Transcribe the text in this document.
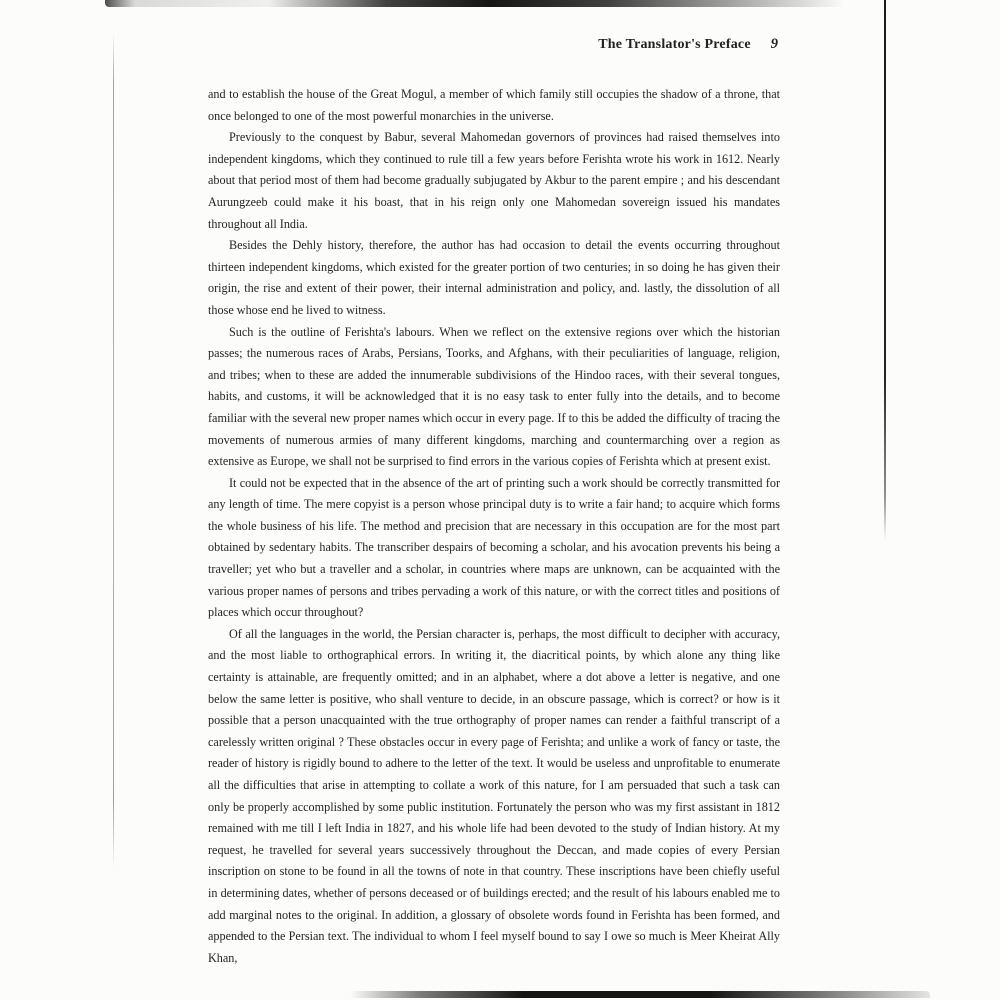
The Translator's Preface 9

and to establish the house of the Great Mogul, a member of which family still occupies the shadow of a throne, that once belonged to one of the most powerful monarchies in the universe.

Previously to the conquest by Babur, several Mahomedan governors of provinces had raised themselves into independent kingdoms, which they continued to rule till a few years before Ferishta wrote his work in 1612. Nearly about that period most of them had become gradually subjugated by Akbur to the parent empire ; and his descendant Aurungzeeb could make it his boast, that in his reign only one Mahomedan sovereign issued his mandates throughout all India.

Besides the Dehly history, therefore, the author has had occasion to detail the events occurring throughout thirteen independent kingdoms, which existed for the greater portion of two centuries; in so doing he has given their origin, the rise and extent of their power, their internal administration and policy, and. lastly, the dissolution of all those whose end he lived to witness.

Such is the outline of Ferishta's labours. When we reflect on the extensive regions over which the historian passes; the numerous races of Arabs, Persians, Toorks, and Afghans, with their peculiarities of language, religion, and tribes; when to these are added the innumerable subdivisions of the Hindoo races, with their several tongues, habits, and customs, it will be acknowledged that it is no easy task to enter fully into the details, and to become familiar with the several new proper names which occur in every page. If to this be added the difficulty of tracing the movements of numerous armies of many different kingdoms, marching and countermarching over a region as extensive as Europe, we shall not be surprised to find errors in the various copies of Ferishta which at present exist.

It could not be expected that in the absence of the art of printing such a work should be correctly transmitted for any length of time. The mere copyist is a person whose principal duty is to write a fair hand; to acquire which forms the whole business of his life. The method and precision that are necessary in this occupation are for the most part obtained by sedentary habits. The transcriber despairs of becoming a scholar, and his avocation prevents his being a traveller; yet who but a traveller and a scholar, in countries where maps are unknown, can be acquainted with the various proper names of persons and tribes pervading a work of this nature, or with the correct titles and positions of places which occur throughout?

Of all the languages in the world, the Persian character is, perhaps, the most difficult to decipher with accuracy, and the most liable to orthographical errors. In writing it, the diacritical points, by which alone any thing like certainty is attainable, are frequently omitted; and in an alphabet, where a dot above a letter is negative, and one below the same letter is positive, who shall venture to decide, in an obscure passage, which is correct? or how is it possible that a person unacquainted with the true orthography of proper names can render a faithful transcript of a carelessly written original ? These obstacles occur in every page of Ferishta; and unlike a work of fancy or taste, the reader of history is rigidly bound to adhere to the letter of the text. It would be useless and unprofitable to enumerate all the difficulties that arise in attempting to collate a work of this nature, for I am persuaded that such a task can only be properly accomplished by some public institution. Fortunately the person who was my first assistant in 1812 remained with me till I left India in 1827, and his whole life had been devoted to the study of Indian history. At my request, he travelled for several years successively throughout the Deccan, and made copies of every Persian inscription on stone to be found in all the towns of note in that country. These inscriptions have been chiefly useful in determining dates, whether of persons deceased or of buildings erected; and the result of his labours enabled me to add marginal notes to the original. In addition, a glossary of obsolete words found in Ferishta has been formed, and appended to the Persian text. The individual to whom I feel myself bound to say I owe so much is Meer Kheirat Ally Khan,
